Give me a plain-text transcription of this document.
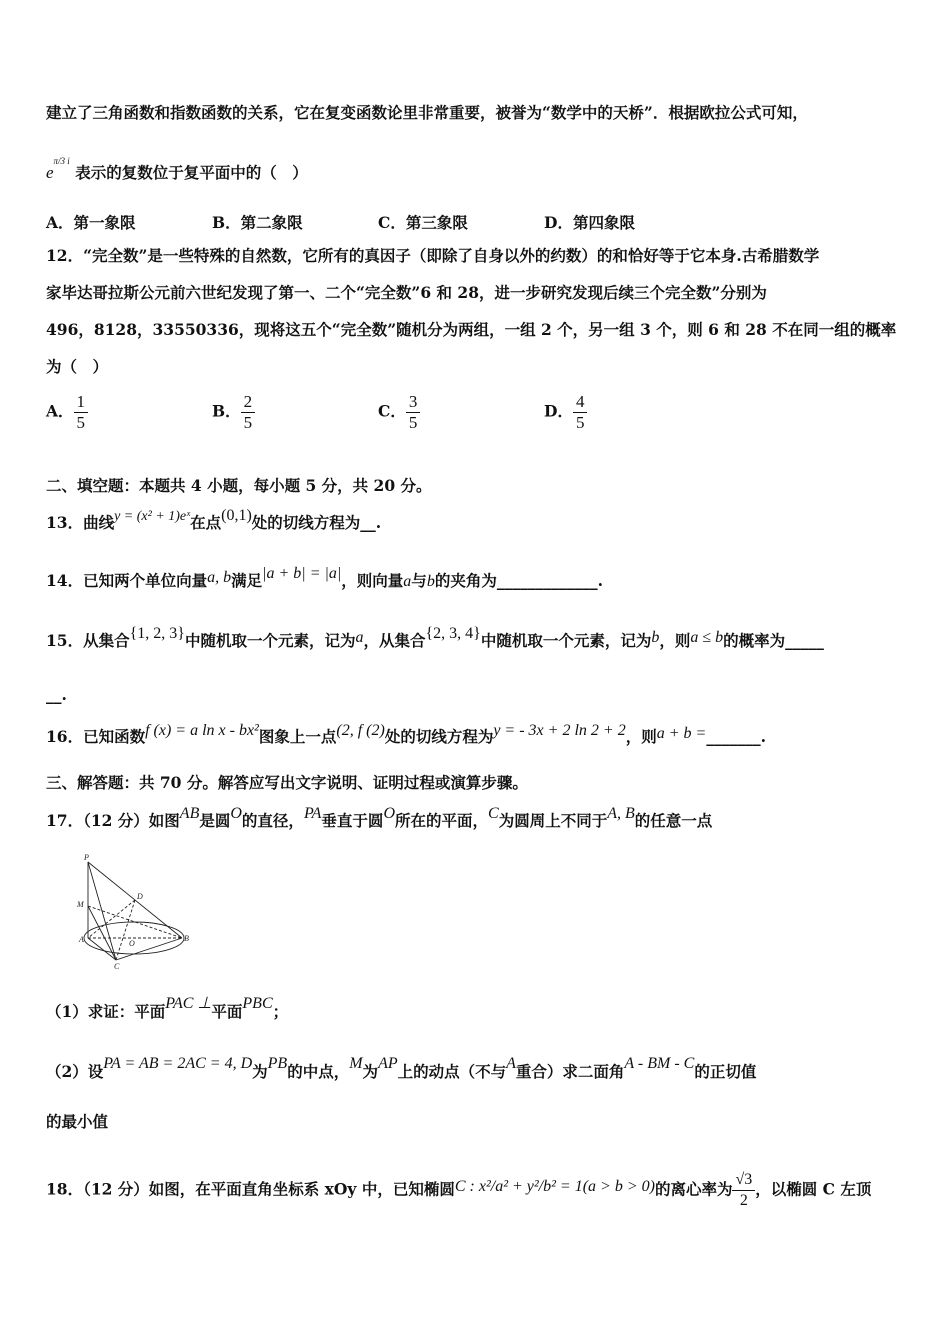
建立了三角函数和指数函数的关系，它在复变函数论里非常重要，被誉为“数学中的天桥”．根据欧拉公式可知，
$e^{\pi/3 i}$ 表示的复数位于复平面中的（　）
A．第一象限	B．第二象限	C．第三象限	D．第四象限
12．“完全数”是一些特殊的自然数，它所有的真因子（即除了自身以外的约数）的和恰好等于它本身.古希腊数学
家毕达哥拉斯公元前六世纪发现了第一、二个“完全数”6 和 28，进一步研究发现后续三个完全数”分别为
496，8128，33550336，现将这五个“完全数”随机分为两组，一组 2 个，另一组 3 个，则 6 和 28 不在同一组的概率
为（　）
A． $\frac{1}{5}$	B． $\frac{2}{5}$	C． $\frac{3}{5}$	D． $\frac{4}{5}$
二、填空题：本题共 4 小题，每小题 5 分，共 20 分。
13．曲线y = (x² + 1)eˣ在点(0,1)处的切线方程为__.
14．已知两个单位向量a, b满足|a + b| = |a|，则向量a与b的夹角为_____________.
15．从集合{1, 2, 3}中随机取一个元素，记为a，从集合{2, 3, 4}中随机取一个元素，记为b，则a ≤ b的概率为_____
__.
16．已知函数f (x) = a ln x - bx²图象上一点(2, f (2)处的切线方程为y = - 3x + 2 ln 2 + 2，则a + b =_______.
三、解答题：共 70 分。解答应写出文字说明、证明过程或演算步骤。
17．（12 分）如图AB是圆O的直径，PA垂直于圆O所在的平面，C为圆周上不同于A, B的任意一点
P
D
M
A	O
B
C
（1）求证：平面PAC ⊥平面PBC；
（2）设PA = AB = 2AC = 4, D为PB的中点，M为AP上的动点（不与A重合）求二面角A - BM - C的正切值
的最小值
18．（12 分）如图，在平面直角坐标系 xOy 中，已知椭圆C : x²/a² + y²/b² = 1(a > b > 0)的离心率为 $\frac{√3}{2}$ ，以椭圆 C 左顶
